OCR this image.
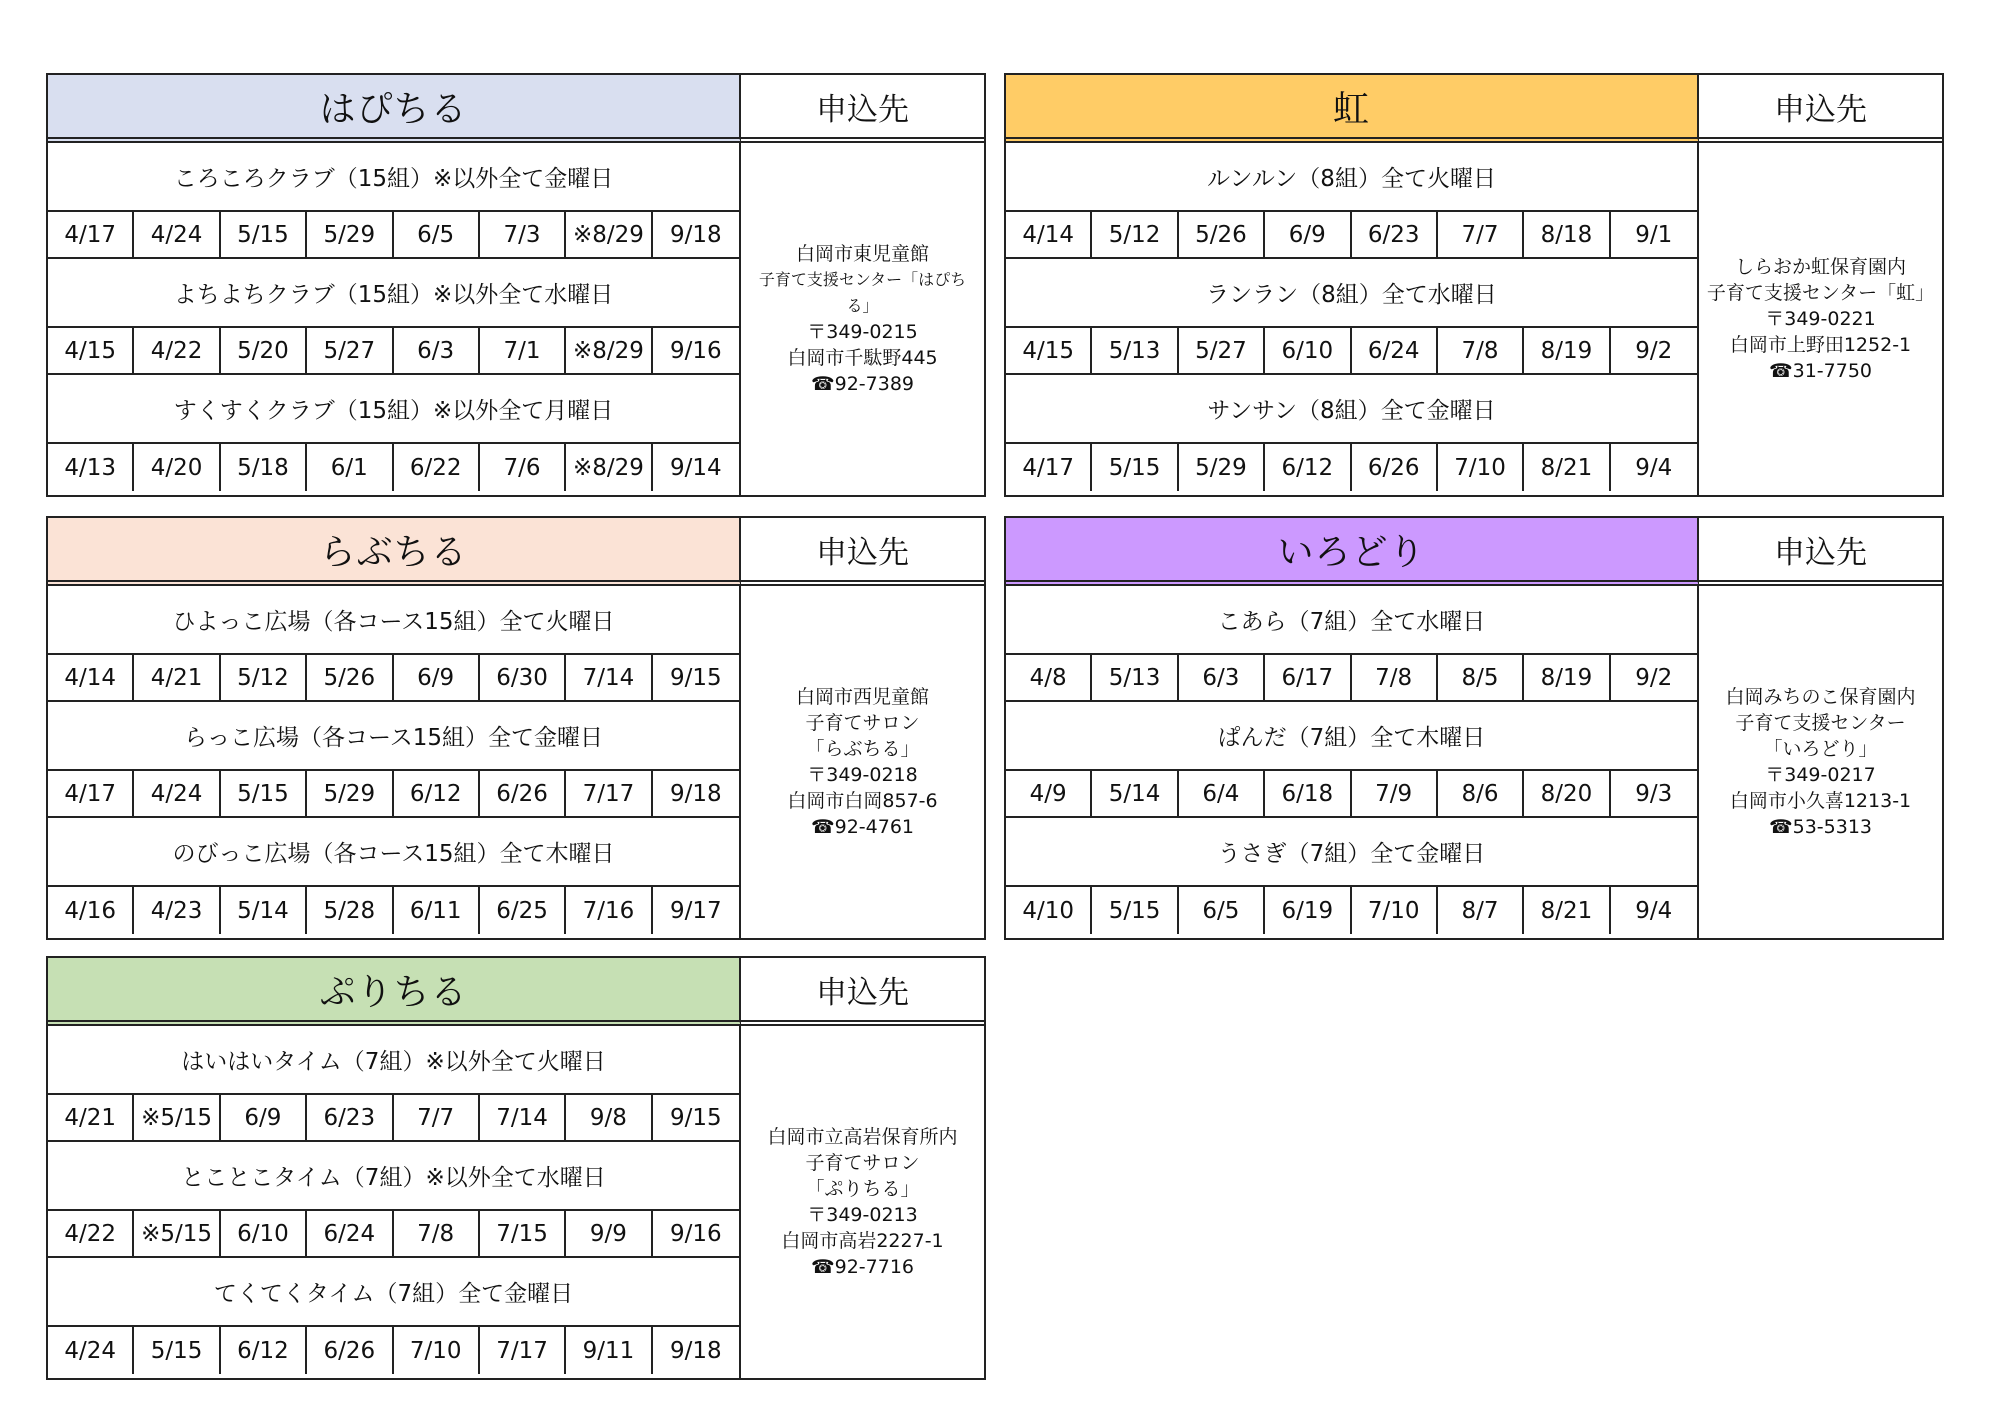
はぴちる	申込先
ころころクラブ（15組）※以外全て金曜日
4/17	4/24	5/15	5/29	6/5	7/3	※8/29	9/18
よちよちクラブ（15組）※以外全て水曜日
4/15	4/22	5/20	5/27	6/3	7/1	※8/29	9/16
すくすくクラブ（15組）※以外全て月曜日
4/13	4/20	5/18	6/1	6/22	7/6	※8/29	9/14
白岡市東児童館
子育て支援センター「はぴちる」
〒349-0215
白岡市千駄野445
☎92-7389
虹	申込先
ルンルン（8組）全て火曜日
4/14	5/12	5/26	6/9	6/23	7/7	8/18	9/1
ランラン（8組）全て水曜日
4/15	5/13	5/27	6/10	6/24	7/8	8/19	9/2
サンサン（8組）全て金曜日
4/17	5/15	5/29	6/12	6/26	7/10	8/21	9/4
しらおか虹保育園内
子育て支援センター「虹」
〒349-0221
白岡市上野田1252-1
☎31-7750
らぶちる	申込先
ひよっこ広場（各コース15組）全て火曜日
4/14	4/21	5/12	5/26	6/9	6/30	7/14	9/15
らっこ広場（各コース15組）全て金曜日
4/17	4/24	5/15	5/29	6/12	6/26	7/17	9/18
のびっこ広場（各コース15組）全て木曜日
4/16	4/23	5/14	5/28	6/11	6/25	7/16	9/17
白岡市西児童館
子育てサロン
「らぶちる」
〒349-0218
白岡市白岡857-6
☎92-4761
いろどり	申込先
こあら（7組）全て水曜日
4/8	5/13	6/3	6/17	7/8	8/5	8/19	9/2
ぱんだ（7組）全て木曜日
4/9	5/14	6/4	6/18	7/9	8/6	8/20	9/3
うさぎ（7組）全て金曜日
4/10	5/15	6/5	6/19	7/10	8/7	8/21	9/4
白岡みちのこ保育園内
子育て支援センター
「いろどり」
〒349-0217
白岡市小久喜1213-1
☎53-5313
ぷりちる	申込先
はいはいタイム（7組）※以外全て火曜日
4/21	※5/15	6/9	6/23	7/7	7/14	9/8	9/15
とことこタイム（7組）※以外全て水曜日
4/22	※5/15	6/10	6/24	7/8	7/15	9/9	9/16
てくてくタイム（7組）全て金曜日
4/24	5/15	6/12	6/26	7/10	7/17	9/11	9/18
白岡市立高岩保育所内
子育てサロン
「ぷりちる」
〒349-0213
白岡市高岩2227-1
☎92-7716
